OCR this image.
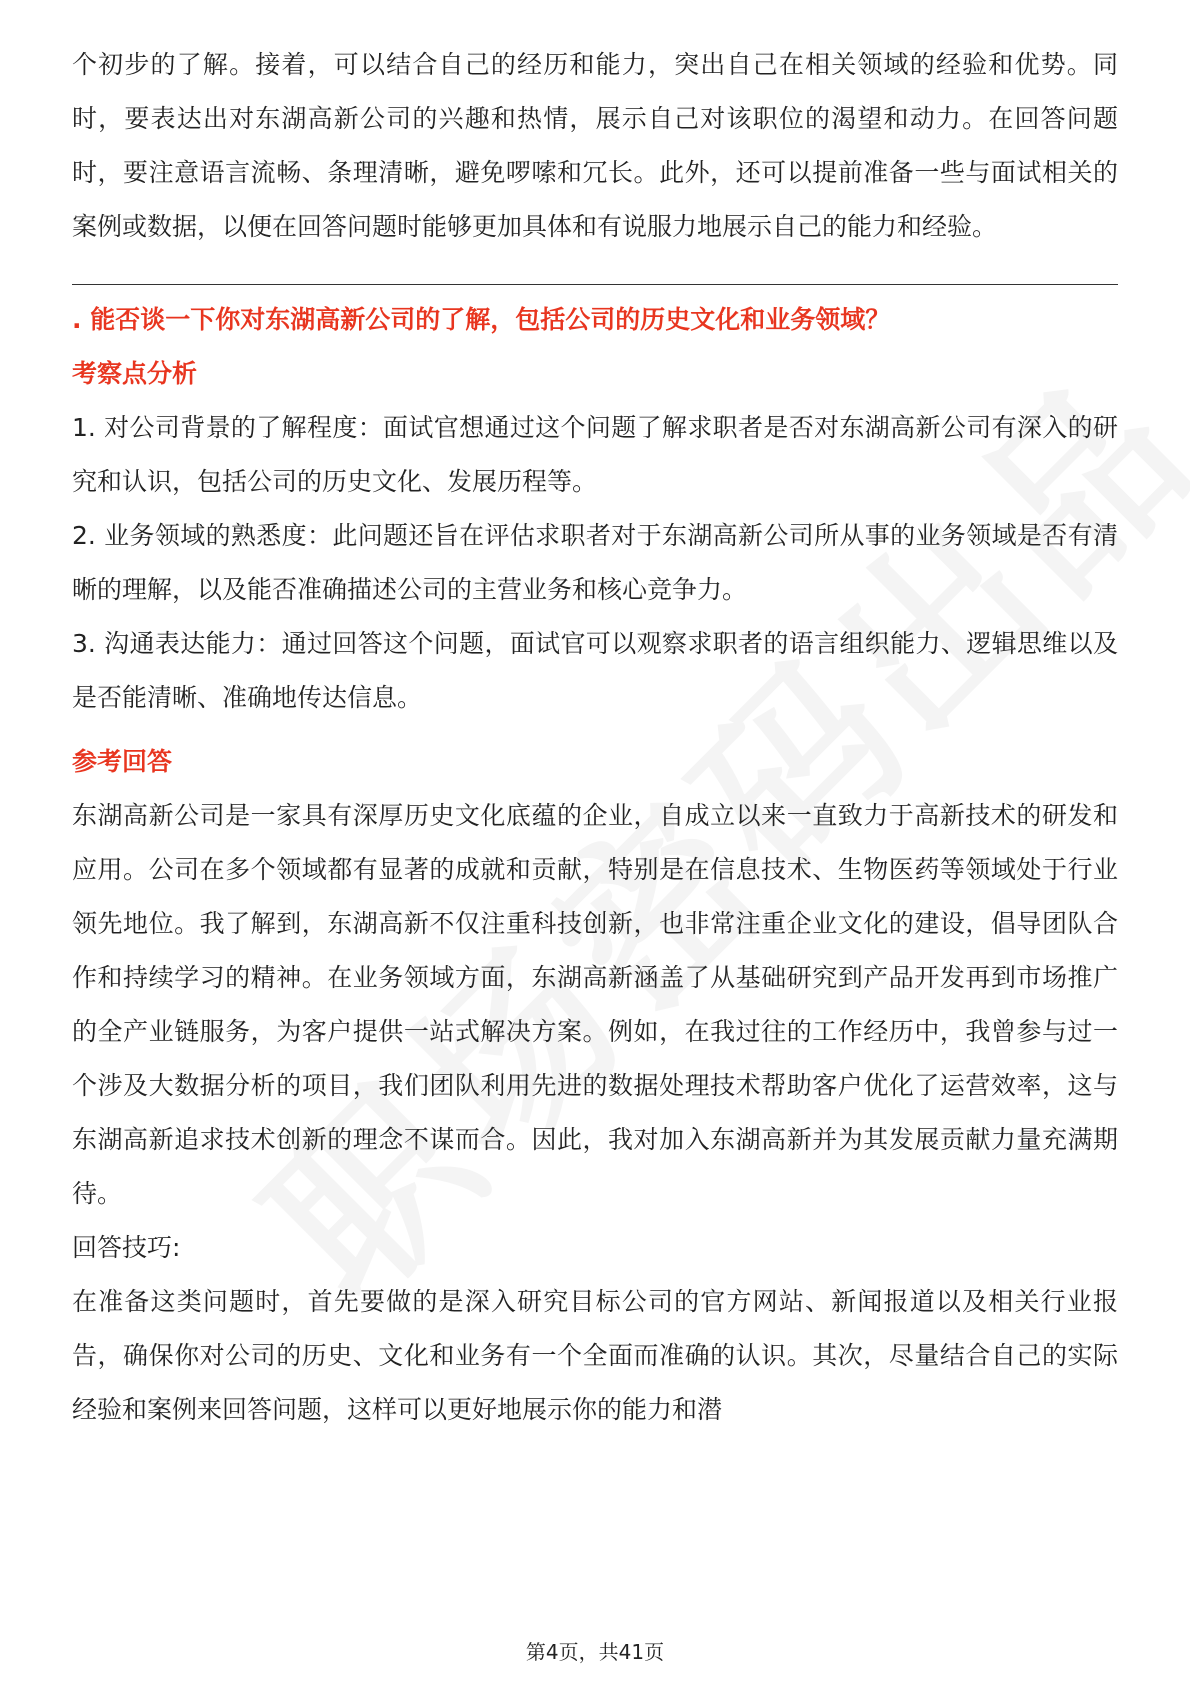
个初步的了解。接着，可以结合自己的经历和能力，突出自己在相关领域的经验和优势。同时，要表达出对东湖高新公司的兴趣和热情，展示自己对该职位的渴望和动力。在回答问题时，要注意语言流畅、条理清晰，避免啰嗦和冗长。此外，还可以提前准备一些与面试相关的案例或数据，以便在回答问题时能够更加具体和有说服力地展示自己的能力和经验。

. 能否谈一下你对东湖高新公司的了解，包括公司的历史文化和业务领域？

考察点分析

1. 对公司背景的了解程度：面试官想通过这个问题了解求职者是否对东湖高新公司有深入的研究和认识，包括公司的历史文化、发展历程等。

2. 业务领域的熟悉度：此问题还旨在评估求职者对于东湖高新公司所从事的业务领域是否有清晰的理解，以及能否准确描述公司的主营业务和核心竞争力。

3. 沟通表达能力：通过回答这个问题，面试官可以观察求职者的语言组织能力、逻辑思维以及是否能清晰、准确地传达信息。

参考回答

东湖高新公司是一家具有深厚历史文化底蕴的企业，自成立以来一直致力于高新技术的研发和应用。公司在多个领域都有显著的成就和贡献，特别是在信息技术、生物医药等领域处于行业领先地位。我了解到，东湖高新不仅注重科技创新，也非常注重企业文化的建设，倡导团队合作和持续学习的精神。在业务领域方面，东湖高新涵盖了从基础研究到产品开发再到市场推广的全产业链服务，为客户提供一站式解决方案。例如，在我过往的工作经历中，我曾参与过一个涉及大数据分析的项目，我们团队利用先进的数据处理技术帮助客户优化了运营效率，这与东湖高新追求技术创新的理念不谋而合。因此，我对加入东湖高新并为其发展贡献力量充满期待。

回答技巧:

在准备这类问题时，首先要做的是深入研究目标公司的官方网站、新闻报道以及相关行业报告，确保你对公司的历史、文化和业务有一个全面而准确的认识。其次，尽量结合自己的实际经验和案例来回答问题，这样可以更好地展示你的能力和潜

第4页，共41页
